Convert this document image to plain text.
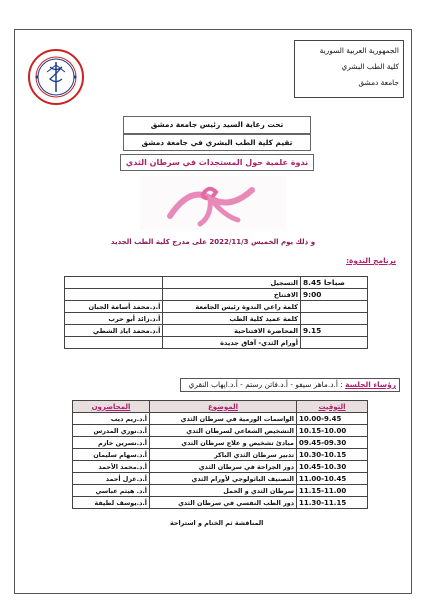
الجمهورية العربية السورية
كلية الطب البشري
جامعة دمشق
تحت رعاية السيد رئيس جامعة دمشق
تقيم كلية الطب البشري في جامعة دمشق
ندوة علمية حول المستجدات في سرطان الثدي
و ذلك يوم الخميس 2022/11/3 على مدرج كلية الطب الجديد
برنامج الندوة:
8.45 صباحا	التسجيل	
9:00	الافتتاح	
	كلمة راعي الندوة رئيس الجامعة	أ.د.محمد أسامة الجبان
	كلمة عميد كلية الطب	أ.د.زائد أبو حرب
9.15	المحاضرة الافتتاحية	أ.د.محمد اياد الشطي
	أورام الثدي- آفاق جديدة	
رؤساء الجلسة : أ.د.ماهر سيفو - أ.د.فاتن رستم - أ.د.ايهاب النقري
التوقيت	الموضوع	المحاضرون
10.00-9.45	الواسمات الورمية في سرطان الثدي	أ.د.ريم ديب
10.15-10.00	التشخيص الشعاعي لسرطان الثدي	أ.د.نوري المدرس
09.45-09.30	مبادئ تشخيص و علاج سرطان الثدي	أ.د.نسرين خازم
10.30-10.15	تدبير سرطان الثدي الباكر	أ.د.سهام سليمان
10.45-10.30	دور الجراحة في سرطان الثدي	أ.د.محمد الأحمد
11.00-10.45	التصنيف الباثولوجي لأورام الثدي	أ.د.غزل أحمد
11.15-11.00	سرطان الثدي و الحمل	أ.د. هيثم عباسي
11.30-11.15	دور الطب النفسي في سرطان الثدي	أ.د.يوسف لطيفة
المناقشة ثم الختام و استراحة
